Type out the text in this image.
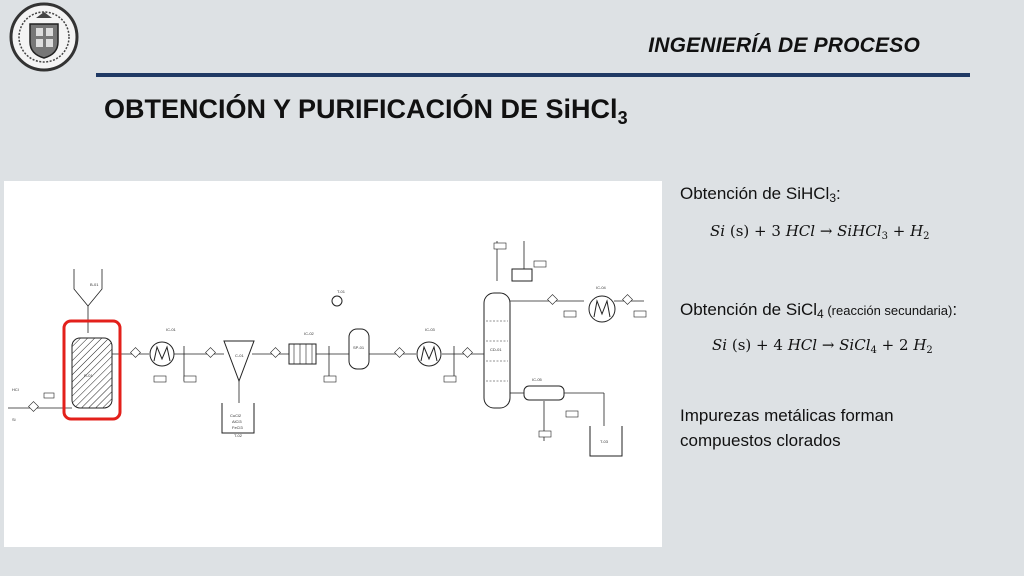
INGENIERÍA DE PROCESO
OBTENCIÓN Y PURIFICACIÓN DE SiHCl$_3$
B-01
R-01
IC-01
C-01
IC-02
SP-01
T-01
IC-03
CD-01
IC-04
IC-05
T-03
CuCl2
AlCl3
FeCl3
T-02
HCl
Si
Obtención de SiHCl$_3$:
Si (s) + 3 HCl → SiHCl$_3$ + $H_2$
Obtención de SiCl$_4$ (reacción secundaria):
Si (s) + 4 HCl → SiCl$_4$ + 2 $H_2$
Impurezas metálicas forman compuestos clorados
